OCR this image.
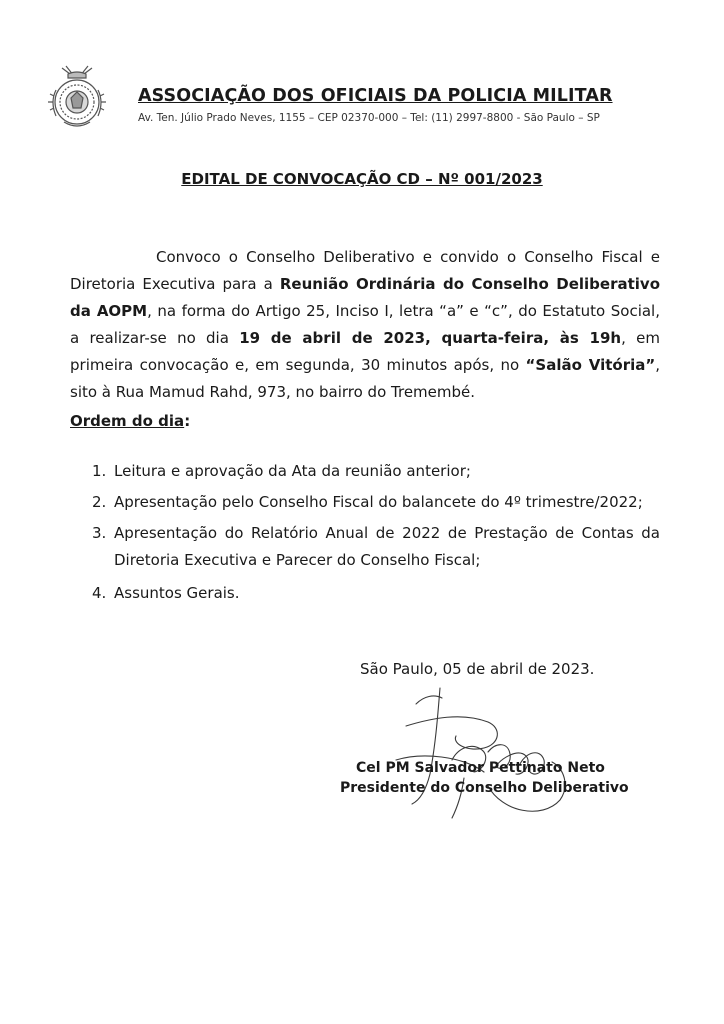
ASSOCIAÇÃO DOS OFICIAIS DA POLICIA MILITAR
Av. Ten. Júlio Prado Neves, 1155 – CEP 02370-000 – Tel: (11) 2997-8800 - São Paulo – SP
EDITAL DE CONVOCAÇÃO CD – Nº 001/2023
Convoco o Conselho Deliberativo e convido o Conselho Fiscal e
Diretoria Executiva para a Reunião Ordinária do Conselho Deliberativo
da AOPM, na forma do Artigo 25, Inciso I, letra “a” e “c”, do Estatuto Social,
a realizar-se no dia 19 de abril de 2023, quarta-feira, às 19h, em
primeira convocação e, em segunda, 30 minutos após, no “Salão Vitória”,
sito à Rua Mamud Rahd, 973, no bairro do Tremembé.
Ordem do dia:
1. Leitura e aprovação da Ata da reunião anterior;
2. Apresentação pelo Conselho Fiscal do balancete do 4º trimestre/2022;
3. Apresentação do Relatório Anual de 2022 de Prestação de Contas da
Diretoria Executiva e Parecer do Conselho Fiscal;
4. Assuntos Gerais.
São Paulo, 05 de abril de 2023.
Cel PM Salvador Pettinato Neto
Presidente do Conselho Deliberativo
